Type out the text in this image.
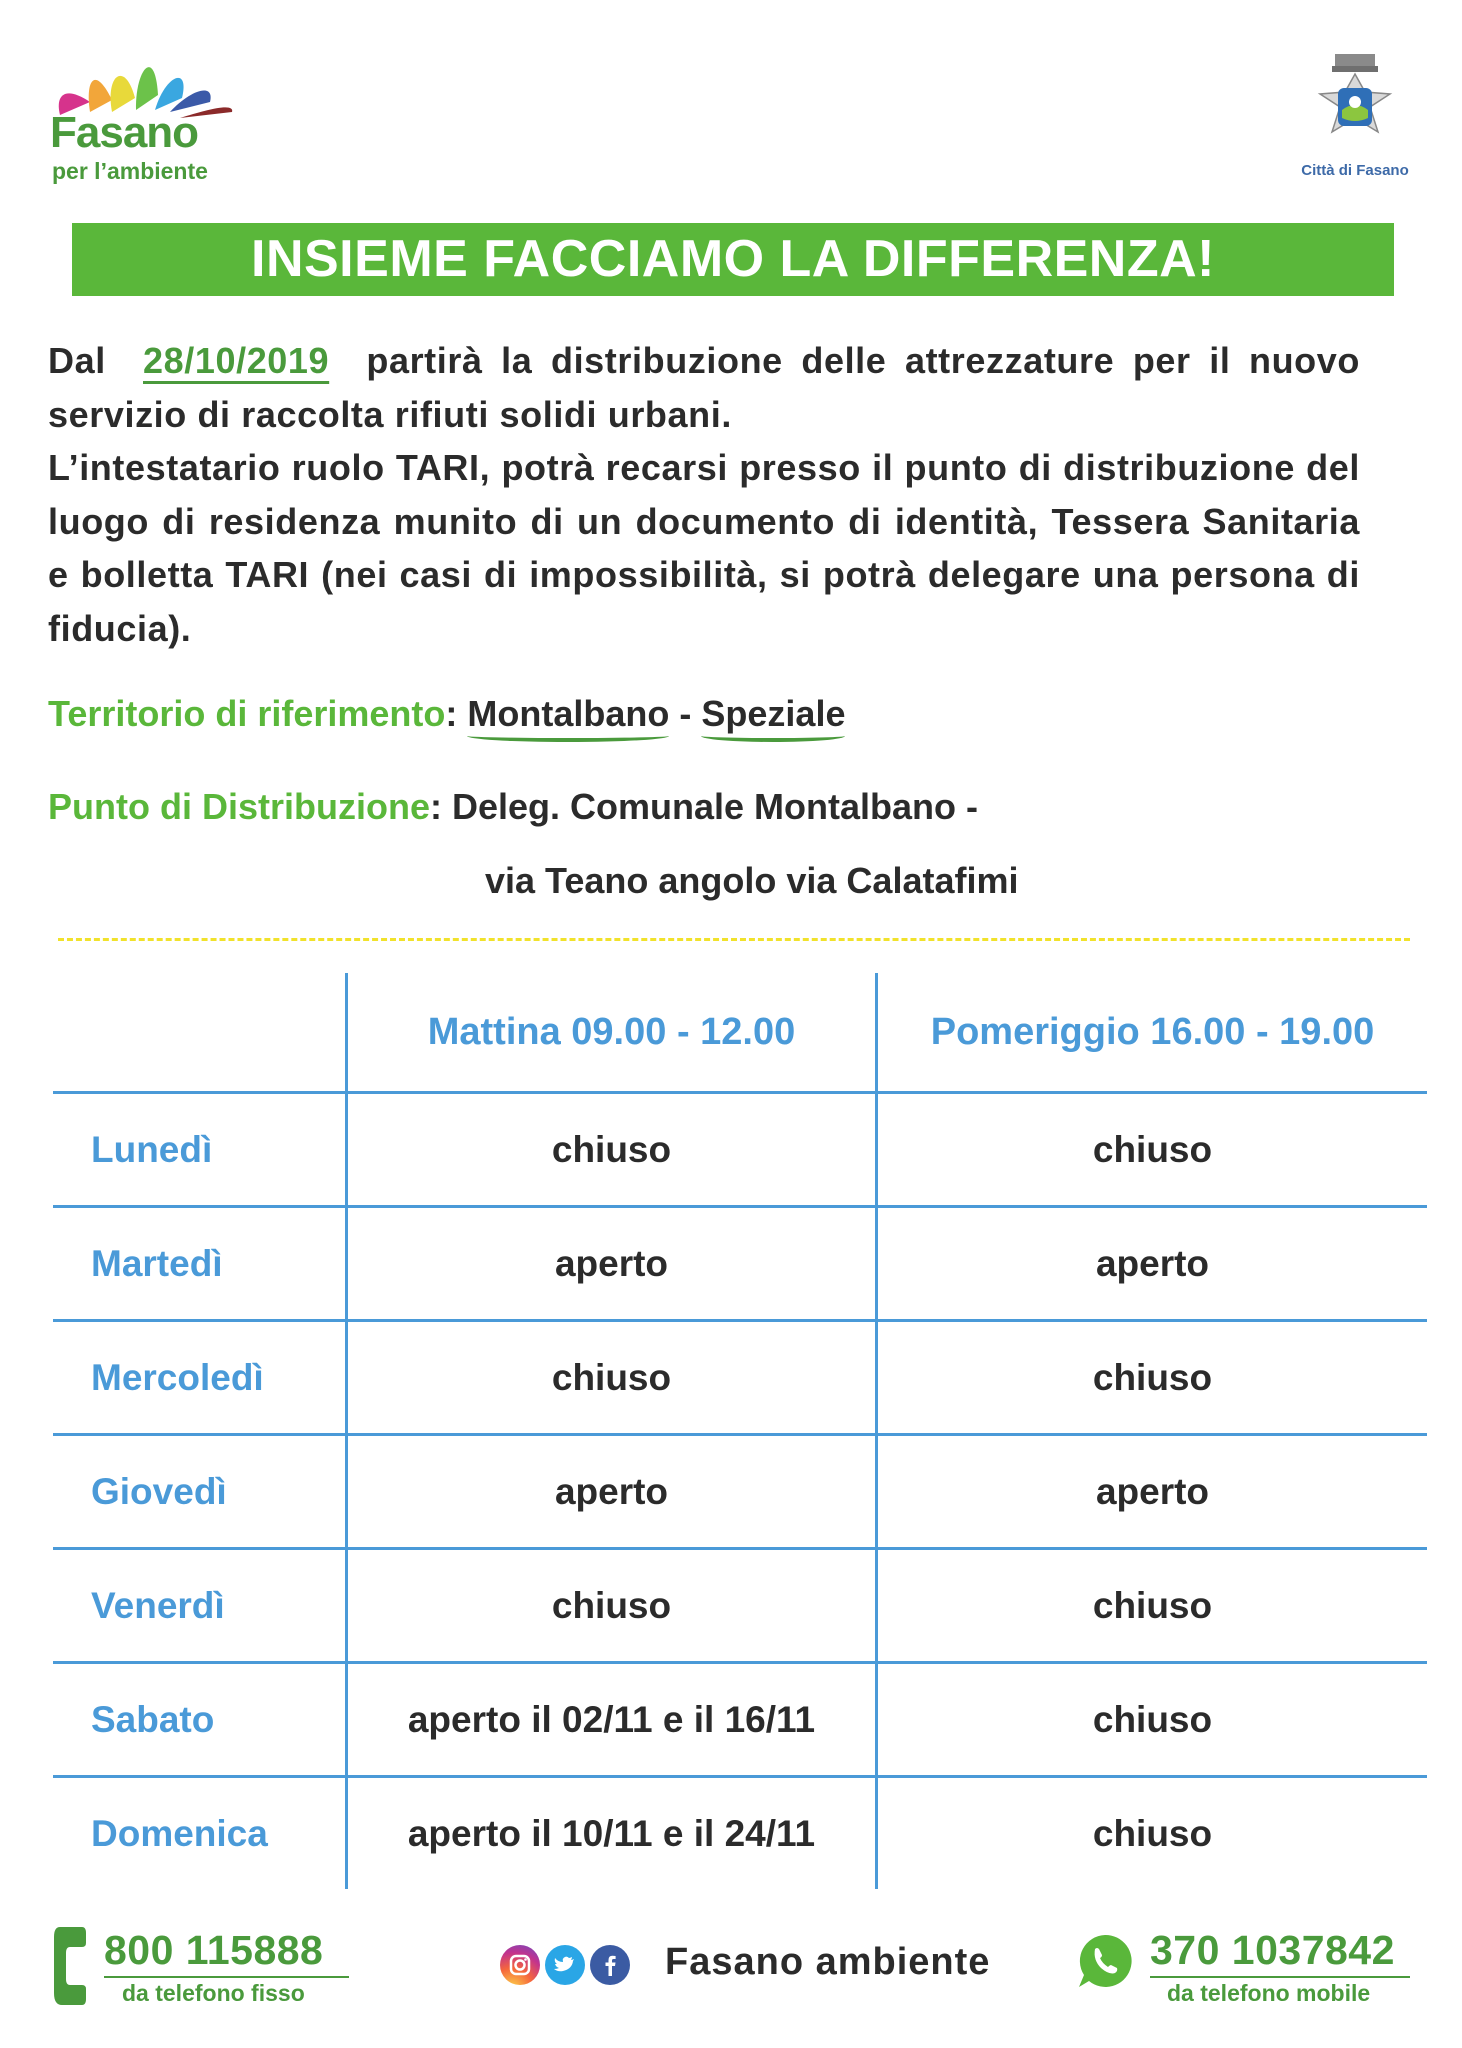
Fasano
per l’ambiente	Città di Fasano
INSIEME FACCIAMO LA DIFFERENZA!

Dal 28/10/2019 partirà la distribuzione delle attrezzature per il nuovo servizio di raccolta rifiuti solidi urbani.

L’intestatario ruolo TARI, potrà recarsi presso il punto di distribuzione del luogo di residenza munito di un documento di identità, Tessera Sanitaria e bolletta TARI (nei casi di impossibilità, si potrà delegare una persona di fiducia).

Territorio di riferimento: Montalbano - Speziale
Punto di Distribuzione: Deleg. Comunale Montalbano -
via Teano angolo via Calatafimi
	Mattina 09.00 - 12.00	Pomeriggio 16.00 - 19.00
Lunedì	chiuso	chiuso
Martedì	aperto	aperto
Mercoledì	chiuso	chiuso
Giovedì	aperto	aperto
Venerdì	chiuso	chiuso
Sabato	aperto il 02/11 e il 16/11	chiuso
Domenica	aperto il 10/11 e il 24/11	chiuso
800 115888
da telefono fisso
Fasano ambiente	370 1037842
da telefono mobile
